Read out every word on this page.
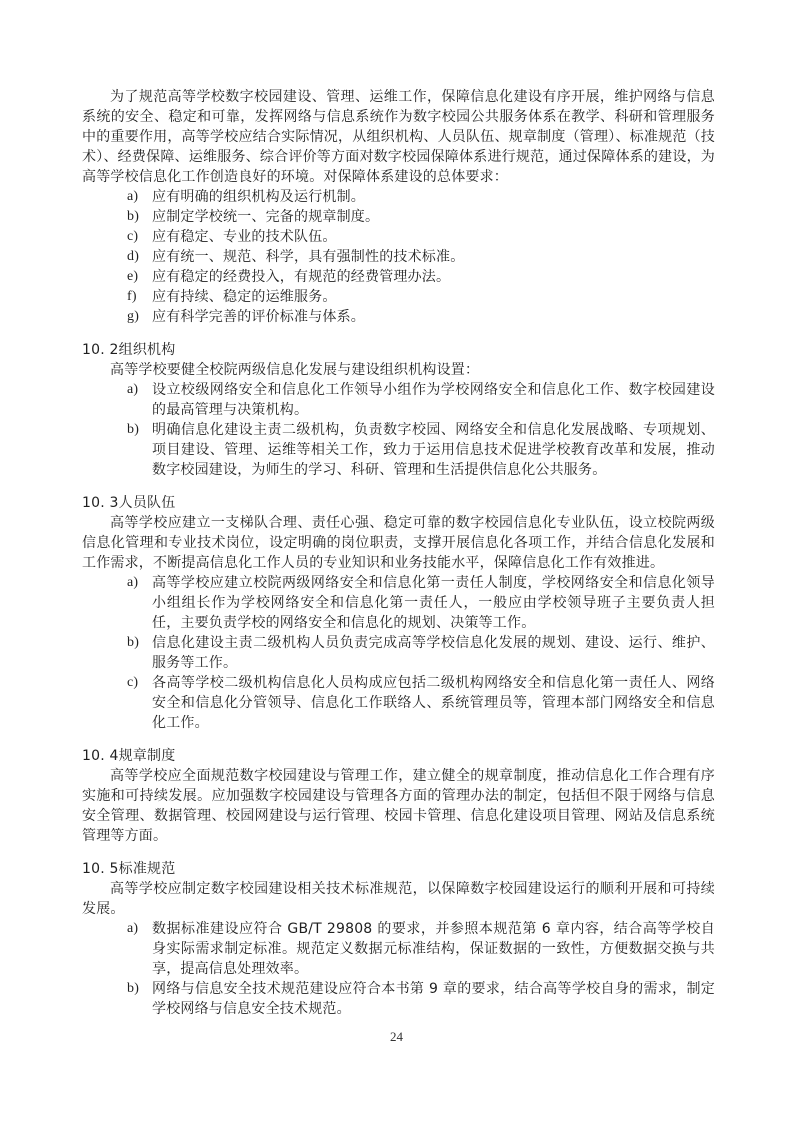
为了规范高等学校数字校园建设、管理、运维工作，保障信息化建设有序开展，维护网络与信息系统的安全、稳定和可靠，发挥网络与信息系统作为数字校园公共服务体系在教学、科研和管理服务中的重要作用，高等学校应结合实际情况，从组织机构、人员队伍、规章制度（管理）、标准规范（技术）、经费保障、运维服务、综合评价等方面对数字校园保障体系进行规范，通过保障体系的建设，为高等学校信息化工作创造良好的环境。对保障体系建设的总体要求：

a) 应有明确的组织机构及运行机制。
b) 应制定学校统一、完备的规章制度。
c) 应有稳定、专业的技术队伍。
d) 应有统一、规范、科学，具有强制性的技术标准。
e) 应有稳定的经费投入，有规范的经费管理办法。
f) 应有持续、稳定的运维服务。
g) 应有科学完善的评价标准与体系。
10. 2组织机构

高等学校要健全校院两级信息化发展与建设组织机构设置：

a) 设立校级网络安全和信息化工作领导小组作为学校网络安全和信息化工作、数字校园建设的最高管理与决策机构。
b) 明确信息化建设主责二级机构，负责数字校园、网络安全和信息化发展战略、专项规划、项目建设、管理、运维等相关工作，致力于运用信息技术促进学校教育改革和发展，推动数字校园建设，为师生的学习、科研、管理和生活提供信息化公共服务。
10. 3人员队伍

高等学校应建立一支梯队合理、责任心强、稳定可靠的数字校园信息化专业队伍，设立校院两级信息化管理和专业技术岗位，设定明确的岗位职责，支撑开展信息化各项工作，并结合信息化发展和工作需求，不断提高信息化工作人员的专业知识和业务技能水平，保障信息化工作有效推进。

a) 高等学校应建立校院两级网络安全和信息化第一责任人制度，学校网络安全和信息化领导小组组长作为学校网络安全和信息化第一责任人，一般应由学校领导班子主要负责人担任，主要负责学校的网络安全和信息化的规划、决策等工作。
b) 信息化建设主责二级机构人员负责完成高等学校信息化发展的规划、建设、运行、维护、服务等工作。
c) 各高等学校二级机构信息化人员构成应包括二级机构网络安全和信息化第一责任人、网络安全和信息化分管领导、信息化工作联络人、系统管理员等，管理本部门网络安全和信息化工作。
10. 4规章制度

高等学校应全面规范数字校园建设与管理工作，建立健全的规章制度，推动信息化工作合理有序实施和可持续发展。应加强数字校园建设与管理各方面的管理办法的制定，包括但不限于网络与信息安全管理、数据管理、校园网建设与运行管理、校园卡管理、信息化建设项目管理、网站及信息系统管理等方面。

10. 5标准规范

高等学校应制定数字校园建设相关技术标准规范，以保障数字校园建设运行的顺利开展和可持续发展。

a) 数据标准建设应符合 GB/T 29808 的要求，并参照本规范第 6 章内容，结合高等学校自身实际需求制定标准。规范定义数据元标准结构，保证数据的一致性，方便数据交换与共享，提高信息处理效率。
b) 网络与信息安全技术规范建设应符合本书第 9 章的要求，结合高等学校自身的需求，制定学校网络与信息安全技术规范。
24
